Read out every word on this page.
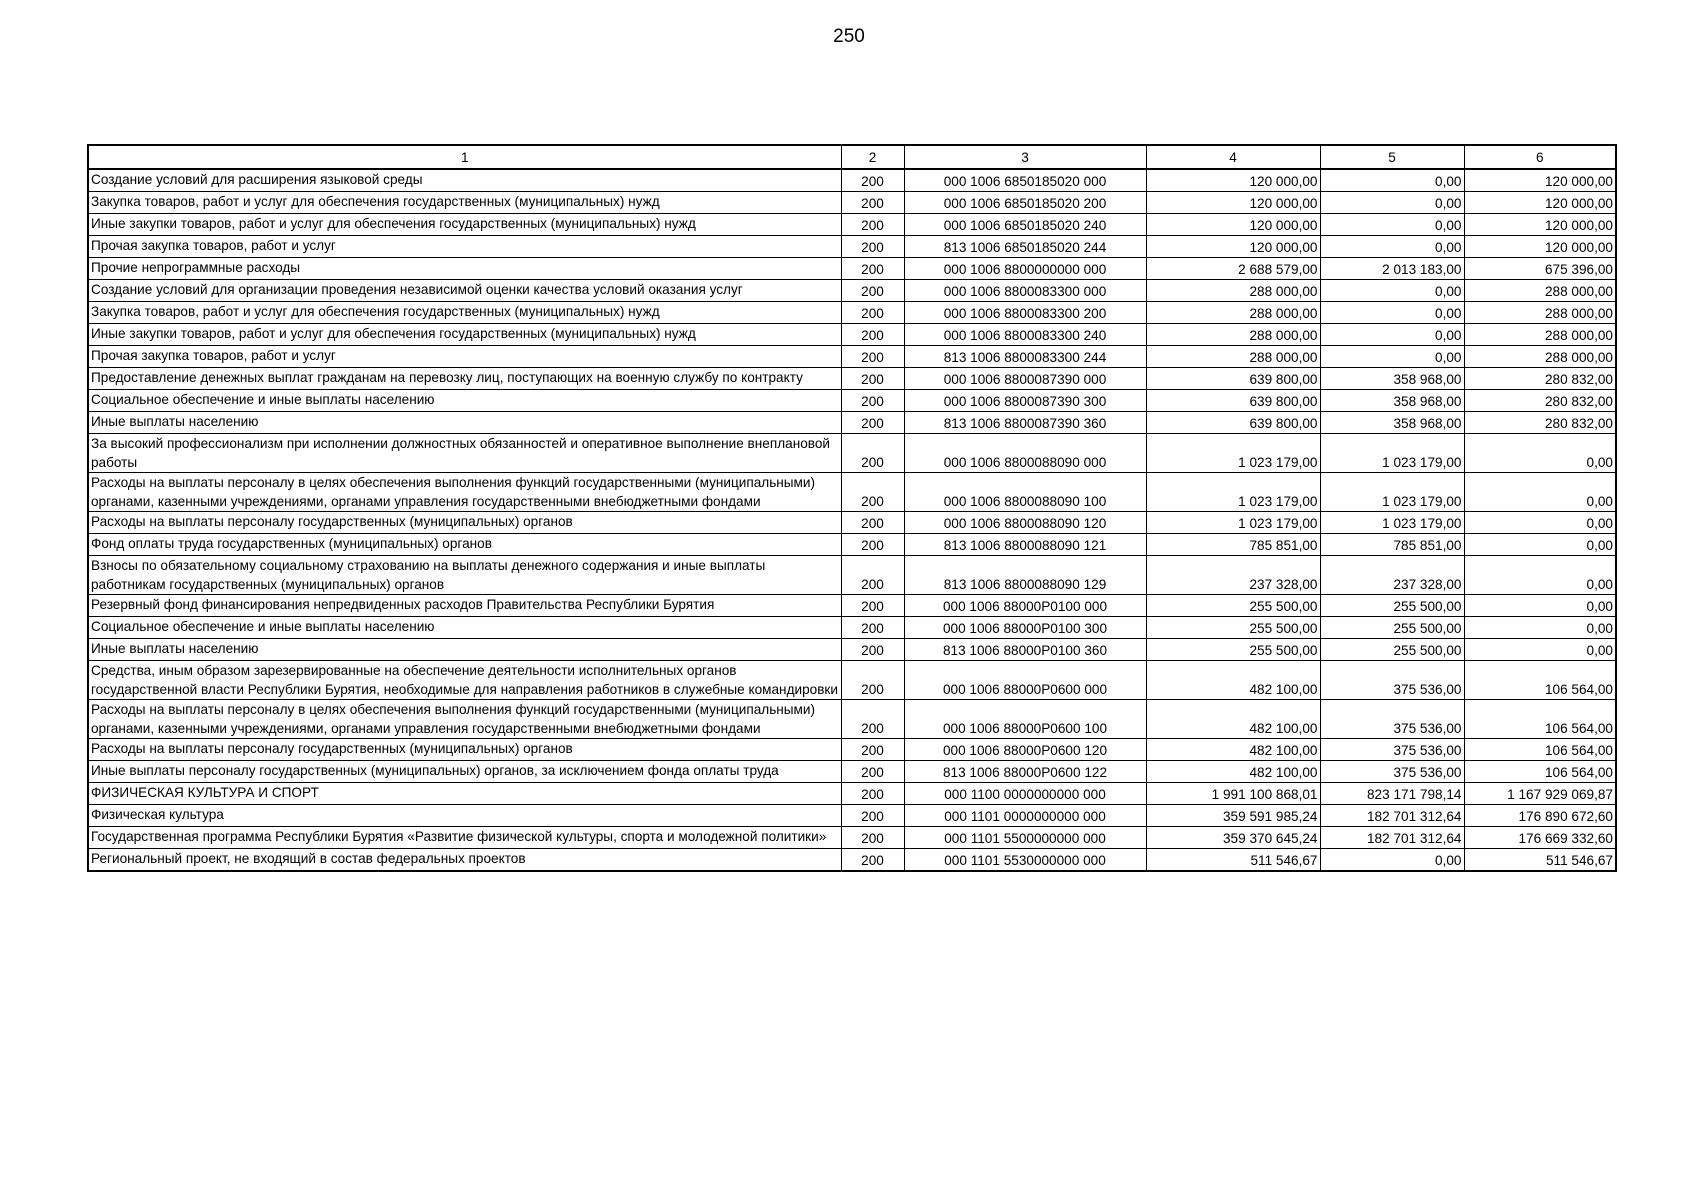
250
1	2	3	4	5	6
Создание условий для расширения языковой среды	200	000 1006 6850185020 000	120 000,00	0,00	120 000,00
Закупка товаров, работ и услуг для обеспечения государственных (муниципальных) нужд	200	000 1006 6850185020 200	120 000,00	0,00	120 000,00
Иные закупки товаров, работ и услуг для обеспечения государственных (муниципальных) нужд	200	000 1006 6850185020 240	120 000,00	0,00	120 000,00
Прочая закупка товаров, работ и услуг	200	813 1006 6850185020 244	120 000,00	0,00	120 000,00
Прочие непрограммные расходы	200	000 1006 8800000000 000	2 688 579,00	2 013 183,00	675 396,00
Создание условий для организации проведения независимой оценки качества условий оказания услуг	200	000 1006 8800083300 000	288 000,00	0,00	288 000,00
Закупка товаров, работ и услуг для обеспечения государственных (муниципальных) нужд	200	000 1006 8800083300 200	288 000,00	0,00	288 000,00
Иные закупки товаров, работ и услуг для обеспечения государственных (муниципальных) нужд	200	000 1006 8800083300 240	288 000,00	0,00	288 000,00
Прочая закупка товаров, работ и услуг	200	813 1006 8800083300 244	288 000,00	0,00	288 000,00
Предоставление денежных выплат гражданам на перевозку лиц, поступающих на военную службу по контракту	200	000 1006 8800087390 000	639 800,00	358 968,00	280 832,00
Социальное обеспечение и иные выплаты населению	200	000 1006 8800087390 300	639 800,00	358 968,00	280 832,00
Иные выплаты населению	200	813 1006 8800087390 360	639 800,00	358 968,00	280 832,00
За высокий профессионализм при исполнении должностных обязанностей и оперативное выполнение внеплановой работы	200	000 1006 8800088090 000	1 023 179,00	1 023 179,00	0,00
Расходы на выплаты персоналу в целях обеспечения выполнения функций государственными (муниципальными) органами, казенными учреждениями, органами управления государственными внебюджетными фондами	200	000 1006 8800088090 100	1 023 179,00	1 023 179,00	0,00
Расходы на выплаты персоналу государственных (муниципальных) органов	200	000 1006 8800088090 120	1 023 179,00	1 023 179,00	0,00
Фонд оплаты труда государственных (муниципальных) органов	200	813 1006 8800088090 121	785 851,00	785 851,00	0,00
Взносы по обязательному социальному страхованию на выплаты денежного содержания и иные выплаты работникам государственных (муниципальных) органов	200	813 1006 8800088090 129	237 328,00	237 328,00	0,00
Резервный фонд финансирования непредвиденных расходов Правительства Республики Бурятия	200	000 1006 88000P0100 000	255 500,00	255 500,00	0,00
Социальное обеспечение и иные выплаты населению	200	000 1006 88000P0100 300	255 500,00	255 500,00	0,00
Иные выплаты населению	200	813 1006 88000P0100 360	255 500,00	255 500,00	0,00
Средства, иным образом зарезервированные на обеспечение деятельности исполнительных органов государственной власти Республики Бурятия, необходимые для направления работников в служебные командировки	200	000 1006 88000P0600 000	482 100,00	375 536,00	106 564,00
Расходы на выплаты персоналу в целях обеспечения выполнения функций государственными (муниципальными) органами, казенными учреждениями, органами управления государственными внебюджетными фондами	200	000 1006 88000P0600 100	482 100,00	375 536,00	106 564,00
Расходы на выплаты персоналу государственных (муниципальных) органов	200	000 1006 88000P0600 120	482 100,00	375 536,00	106 564,00
Иные выплаты персоналу государственных (муниципальных) органов, за исключением фонда оплаты труда	200	813 1006 88000P0600 122	482 100,00	375 536,00	106 564,00
ФИЗИЧЕСКАЯ КУЛЬТУРА И СПОРТ	200	000 1100 0000000000 000	1 991 100 868,01	823 171 798,14	1 167 929 069,87
Физическая культура	200	000 1101 0000000000 000	359 591 985,24	182 701 312,64	176 890 672,60
Государственная программа Республики Бурятия «Развитие физической культуры, спорта и молодежной политики»	200	000 1101 5500000000 000	359 370 645,24	182 701 312,64	176 669 332,60
Региональный проект, не входящий в состав федеральных проектов	200	000 1101 5530000000 000	511 546,67	0,00	511 546,67
